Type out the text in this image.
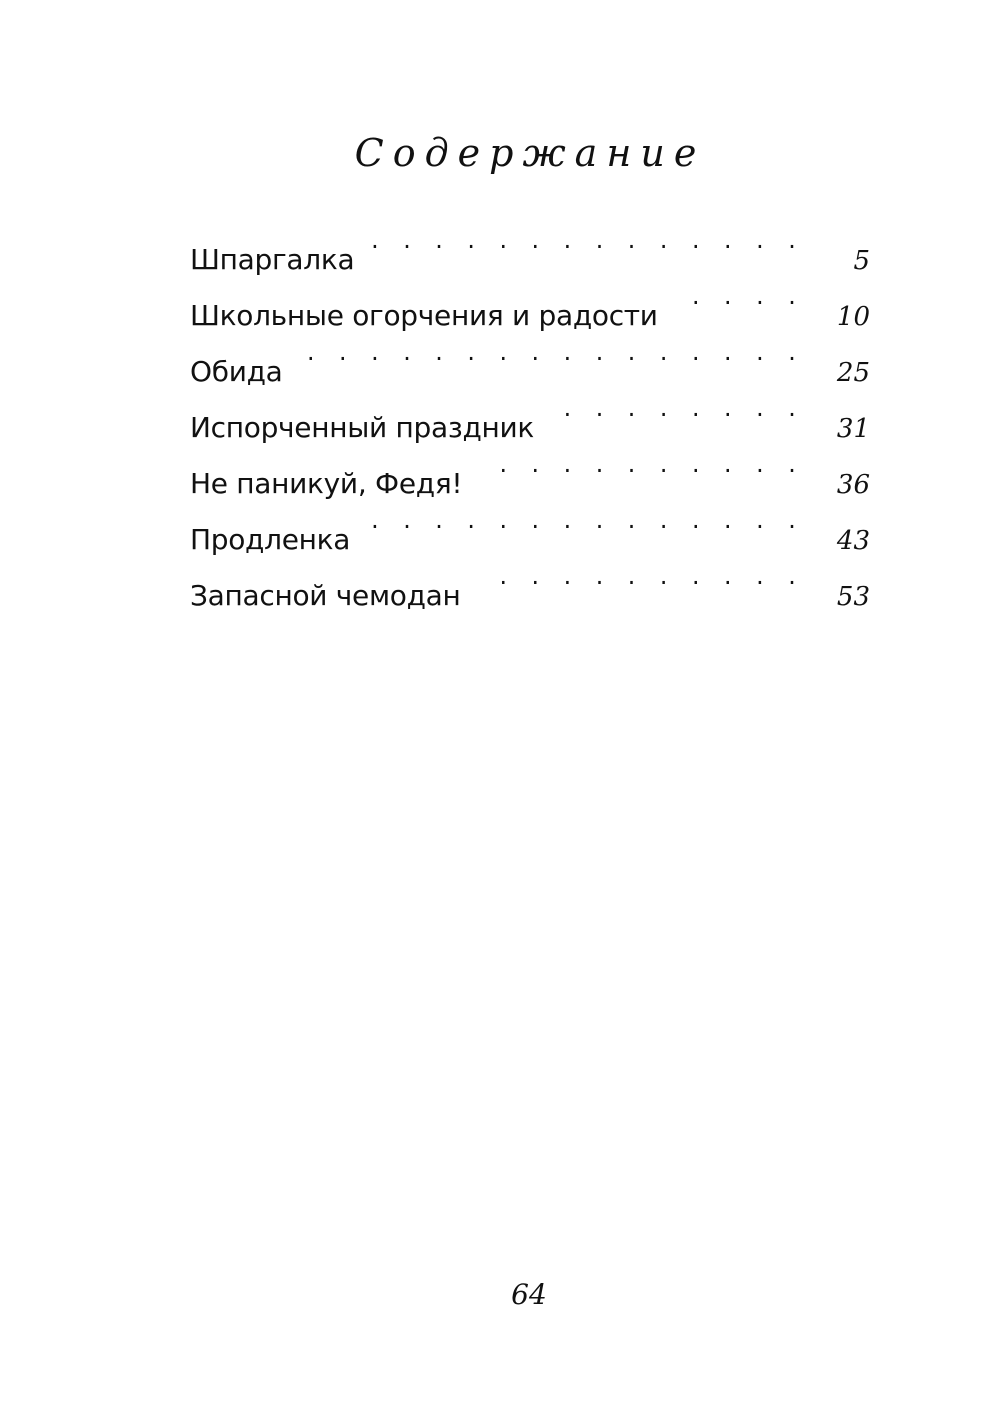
Содержание
Шпаргалка . . .	5
Школьные огорчения и радости . . .	10
Обида . . .	25
Испорченный праздник . . .	31
Не паникуй, Федя! . . .	36
Продленка . . .	43
Запасной чемодан . . .	53
64
